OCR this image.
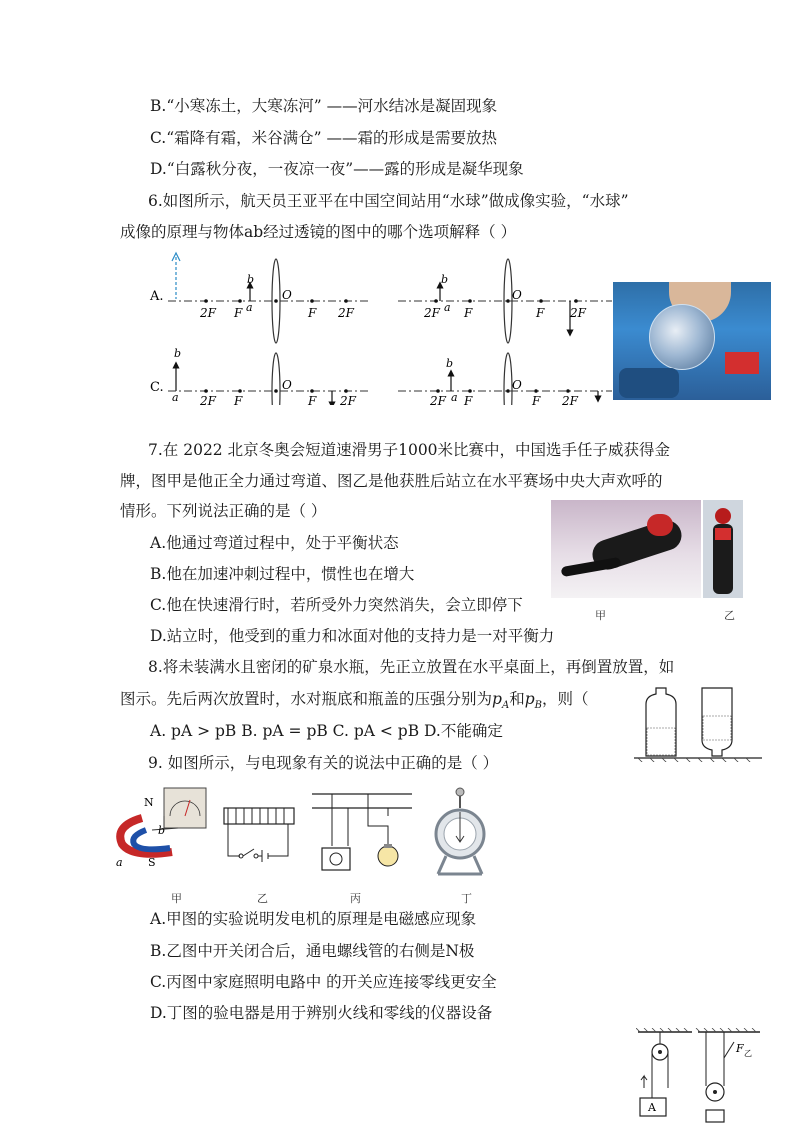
B.“小寒冻土，大寒冻河” ——河水结冰是凝固现象
C.“霜降有霜，米谷满仓” ——霜的形成是需要放热
D.“白露秋分夜，一夜凉一夜”——露的形成是凝华现象
6.如图所示，航天员王亚平在中国空间站用“水球”做成像实验，“水球”
成像的原理与物体ab经过透镜的图中的哪个选项解释（ ）
A.
2F F
O
F 2F
b
a	2F F
O
F 2F
b
a
C.
b
a 2F F
O
F 2F	2F F
O
F 2F
b
a
7.在 2022 北京冬奥会短道速滑男子1000米比赛中，中国选手任子威获得金
牌，图甲是他正全力通过弯道、图乙是他获胜后站立在水平赛场中央大声欢呼的
情形。下列说法正确的是（ ）
A.他通过弯道过程中，处于平衡状态
B.他在加速冲刺过程中，惯性也在增大
C.他在快速滑行时，若所受外力突然消失，会立即停下
D.站立时，他受到的重力和冰面对他的支持力是一对平衡力
甲	乙
8.将未装满水且密闭的矿泉水瓶，先正立放置在水平桌面上，再倒置放置，如
图示。先后两次放置时，水对瓶底和瓶盖的压强分别为$p_A$和$p_B$，则（
A. pA > pB B. pA = pB C. pA < pB D.不能确定
9. 如图所示，与电现象有关的说法中正确的是（ ）
N
S
a
b
甲	乙	丙	丁
A.甲图的实验说明发电机的原理是电磁感应现象
B.乙图中开关闭合后，通电螺线管的右侧是N极
C.丙图中家庭照明电路中 的开关应连接零线更安全
D.丁图的验电器是用于辨别火线和零线的仪器设备
A
F 乙
